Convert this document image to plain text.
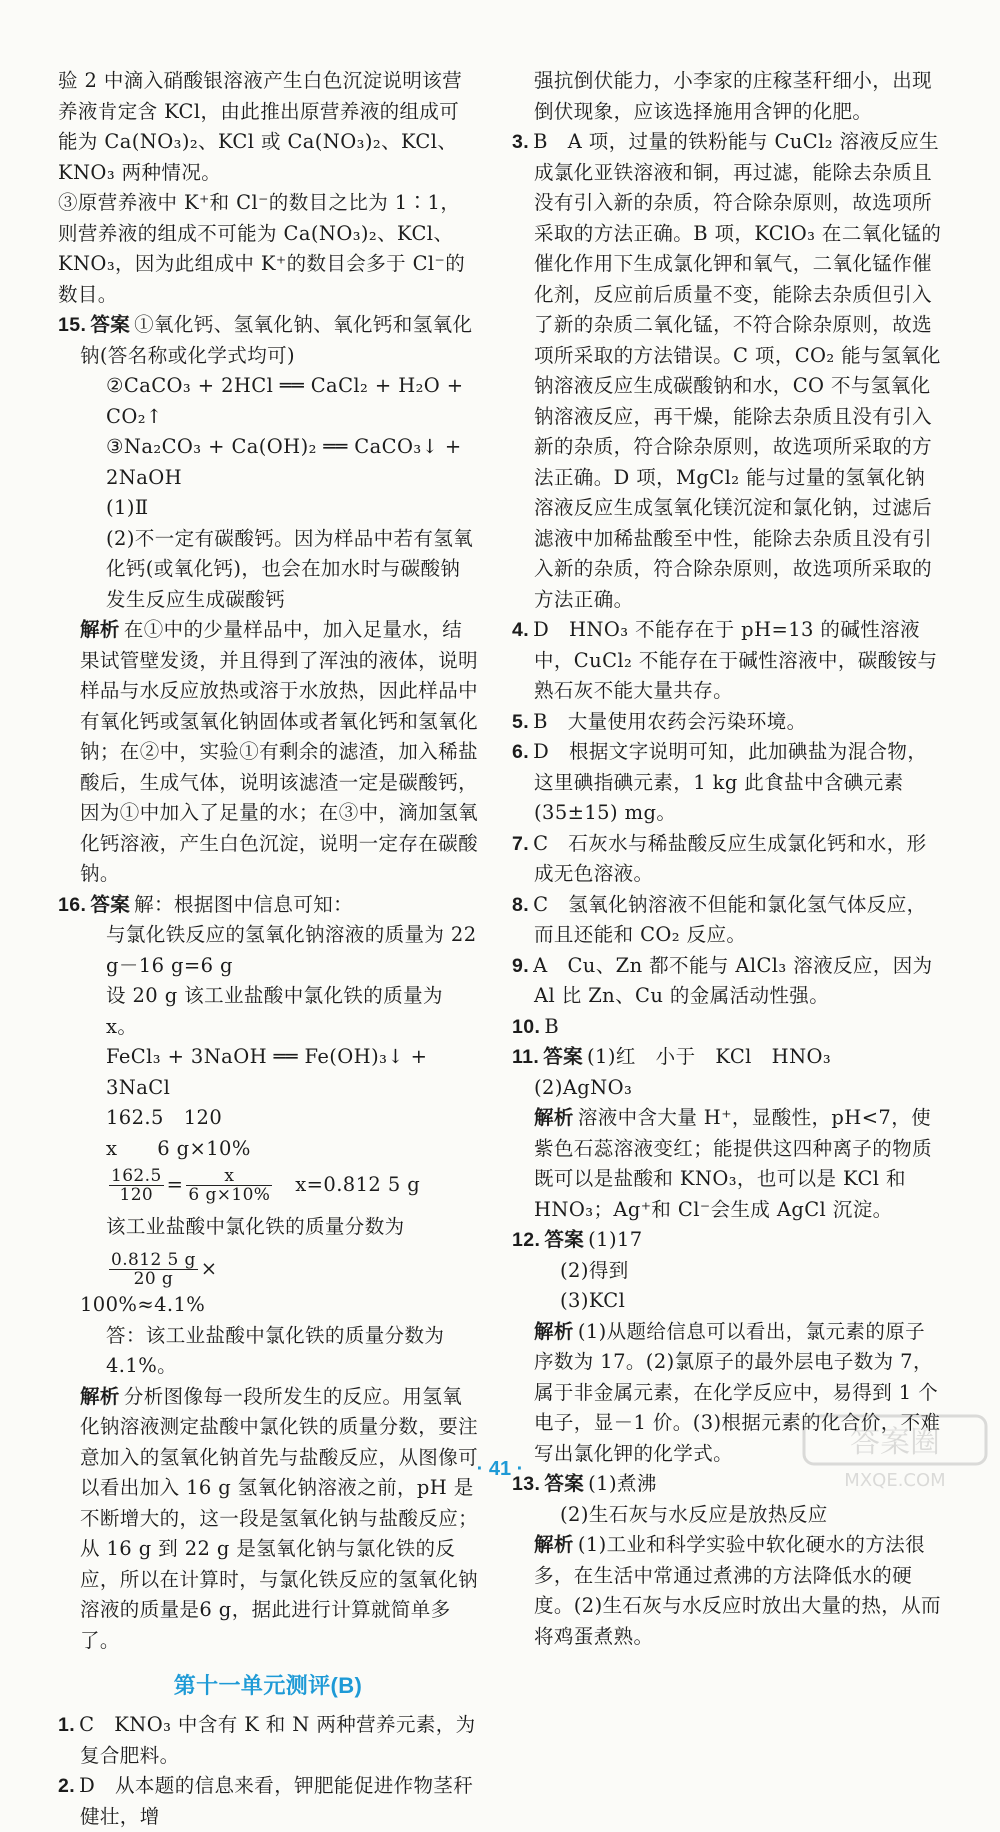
验 2 中滴入硝酸银溶液产生白色沉淀说明该营养液肯定含 KCl，由此推出原营养液的组成可能为 Ca(NO₃)₂、KCl 或 Ca(NO₃)₂、KCl、KNO₃ 两种情况。

③原营养液中 K⁺和 Cl⁻的数目之比为 1∶1，则营养液的组成不可能为 Ca(NO₃)₂、KCl、KNO₃，因为此组成中 K⁺的数目会多于 Cl⁻的数目。

15. 答案 ①氧化钙、氢氧化钠、氧化钙和氢氧化钠(答名称或化学式均可)

②CaCO₃ + 2HCl ══ CaCl₂ + H₂O + CO₂↑

③Na₂CO₃ + Ca(OH)₂ ══ CaCO₃↓ + 2NaOH

(1)Ⅱ

(2)不一定有碳酸钙。因为样品中若有氢氧化钙(或氧化钙)，也会在加水时与碳酸钠发生反应生成碳酸钙

解析 在①中的少量样品中，加入足量水，结果试管壁发烫，并且得到了浑浊的液体，说明样品与水反应放热或溶于水放热，因此样品中有氧化钙或氢氧化钠固体或者氧化钙和氢氧化钠；在②中，实验①有剩余的滤渣，加入稀盐酸后，生成气体，说明该滤渣一定是碳酸钙，因为①中加入了足量的水；在③中，滴加氢氧化钙溶液，产生白色沉淀，说明一定存在碳酸钠。

16. 答案 解：根据图中信息可知：

与氯化铁反应的氢氧化钠溶液的质量为 22 g－16 g=6 g

设 20 g 该工业盐酸中氯化铁的质量为 x。

FeCl₃ + 3NaOH ══ Fe(OH)₃↓ + 3NaCl

162.5　120

x　　6 g×10%

$\frac{162.5}{120} = \frac{x}{6 g\times 10\%}$
　 x=0.812 5 g

该工业盐酸中氯化铁的质量分数为
$\frac{0.812 5 g}{20 g}$ ×

100%≈4.1%

答：该工业盐酸中氯化铁的质量分数为4.1%。

解析 分析图像每一段所发生的反应。用氢氧化钠溶液测定盐酸中氯化铁的质量分数，要注意加入的氢氧化钠首先与盐酸反应，从图像可以看出加入 16 g 氢氧化钠溶液之前，pH 是不断增大的，这一段是氢氧化钠与盐酸反应；从 16 g 到 22 g 是氢氧化钠与氯化铁的反应，所以在计算时，与氯化铁反应的氢氧化钠溶液的质量是6 g，据此进行计算就简单多了。

第十一单元测评(B)

1. C　KNO₃ 中含有 K 和 N 两种营养元素，为复合肥料。

2. D　从本题的信息来看，钾肥能促进作物茎秆健壮，增

强抗倒伏能力，小李家的庄稼茎秆细小，出现倒伏现象，应该选择施用含钾的化肥。

3. B　A 项，过量的铁粉能与 CuCl₂ 溶液反应生成氯化亚铁溶液和铜，再过滤，能除去杂质且没有引入新的杂质，符合除杂原则，故选项所采取的方法正确。B 项，KClO₃ 在二氧化锰的催化作用下生成氯化钾和氧气，二氧化锰作催化剂，反应前后质量不变，能除去杂质但引入了新的杂质二氧化锰，不符合除杂原则，故选项所采取的方法错误。C 项，CO₂ 能与氢氧化钠溶液反应生成碳酸钠和水，CO 不与氢氧化钠溶液反应，再干燥，能除去杂质且没有引入新的杂质，符合除杂原则，故选项所采取的方法正确。D 项，MgCl₂ 能与过量的氢氧化钠溶液反应生成氢氧化镁沉淀和氯化钠，过滤后滤液中加稀盐酸至中性，能除去杂质且没有引入新的杂质，符合除杂原则，故选项所采取的方法正确。

4. D　HNO₃ 不能存在于 pH=13 的碱性溶液中，CuCl₂ 不能存在于碱性溶液中，碳酸铵与熟石灰不能大量共存。

5. B　大量使用农药会污染环境。

6. D　根据文字说明可知，此加碘盐为混合物，这里碘指碘元素，1 kg 此食盐中含碘元素(35±15) mg。

7. C　石灰水与稀盐酸反应生成氯化钙和水，形成无色溶液。

8. C　氢氧化钠溶液不但能和氯化氢气体反应，而且还能和 CO₂ 反应。

9. A　Cu、Zn 都不能与 AlCl₃ 溶液反应，因为 Al 比 Zn、Cu 的金属活动性强。

10. B

11. 答案 (1)红　小于　KCl　HNO₃　(2)AgNO₃

解析 溶液中含大量 H⁺，显酸性，pH<7，使紫色石蕊溶液变红；能提供这四种离子的物质既可以是盐酸和 KNO₃，也可以是 KCl 和 HNO₃；Ag⁺和 Cl⁻会生成 AgCl 沉淀。

12. 答案 (1)17

(2)得到

(3)KCl

解析 (1)从题给信息可以看出，氯元素的原子序数为 17。(2)氯原子的最外层电子数为 7，属于非金属元素，在化学反应中，易得到 1 个电子，显－1 价。(3)根据元素的化合价，不难写出氯化钾的化学式。

13. 答案 (1)煮沸

(2)生石灰与水反应是放热反应

解析 (1)工业和科学实验中软化硬水的方法很多，在生活中常通过煮沸的方法降低水的硬度。(2)生石灰与水反应时放出大量的热，从而将鸡蛋煮熟。

· 41 ·
答案圈
MXQE.COM
